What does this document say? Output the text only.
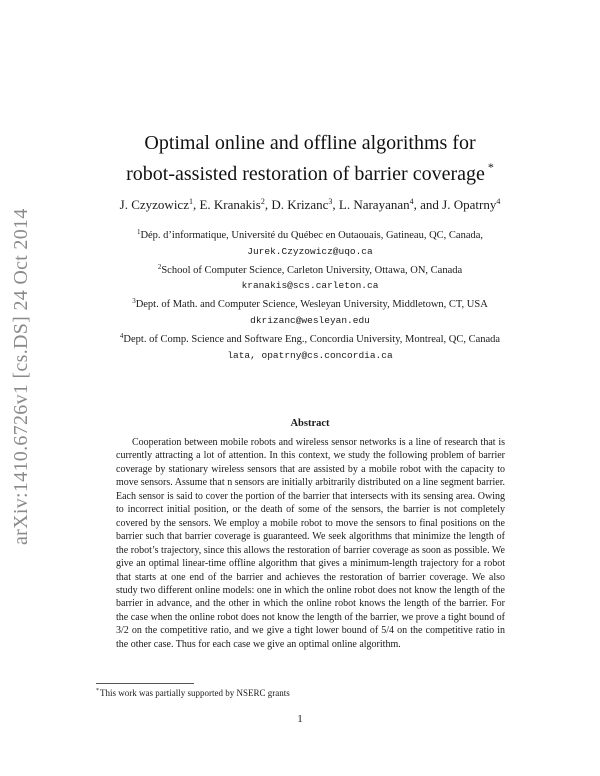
arXiv:1410.6726v1 [cs.DS] 24 Oct 2014
Optimal online and offline algorithms for
robot-assisted restoration of barrier coverage *
J. Czyzowicz$^1$, E. Kranakis$^2$, D. Krizanc$^3$, L. Narayanan$^4$, and J. Opatrny$^4$
$^1$Dép. d’informatique, Université du Québec en Outaouais, Gatineau, QC, Canada,
Jurek.Czyzowicz@uqo.ca
$^2$School of Computer Science, Carleton University, Ottawa, ON, Canada
kranakis@scs.carleton.ca
$^3$Dept. of Math. and Computer Science, Wesleyan University, Middletown, CT, USA
dkrizanc@wesleyan.edu
$^4$Dept. of Comp. Science and Software Eng., Concordia University, Montreal, QC, Canada
lata, opatrny@cs.concordia.ca
Abstract

Cooperation between mobile robots and wireless sensor networks is a line of research that is currently attracting a lot of attention. In this context, we study the following problem of barrier coverage by stationary wireless sensors that are assisted by a mobile robot with the capacity to move sensors. Assume that n sensors are initially arbitrarily distributed on a line segment barrier. Each sensor is said to cover the portion of the barrier that intersects with its sensing area. Owing to incorrect initial position, or the death of some of the sensors, the barrier is not completely covered by the sensors. We employ a mobile robot to move the sensors to final positions on the barrier such that barrier coverage is guaranteed. We seek algorithms that minimize the length of the robot’s trajectory, since this allows the restoration of barrier coverage as soon as possible. We give an optimal linear-time offline algorithm that gives a minimum-length trajectory for a robot that starts at one end of the barrier and achieves the restoration of barrier coverage. We also study two different online models: one in which the online robot does not know the length of the barrier in advance, and the other in which the online robot knows the length of the barrier. For the case when the online robot does not know the length of the barrier, we prove a tight bound of 3/2 on the competitive ratio, and we give a tight lower bound of 5/4 on the competitive ratio in the other case. Thus for each case we give an optimal online algorithm.

*This work was partially supported by NSERC grants
1
